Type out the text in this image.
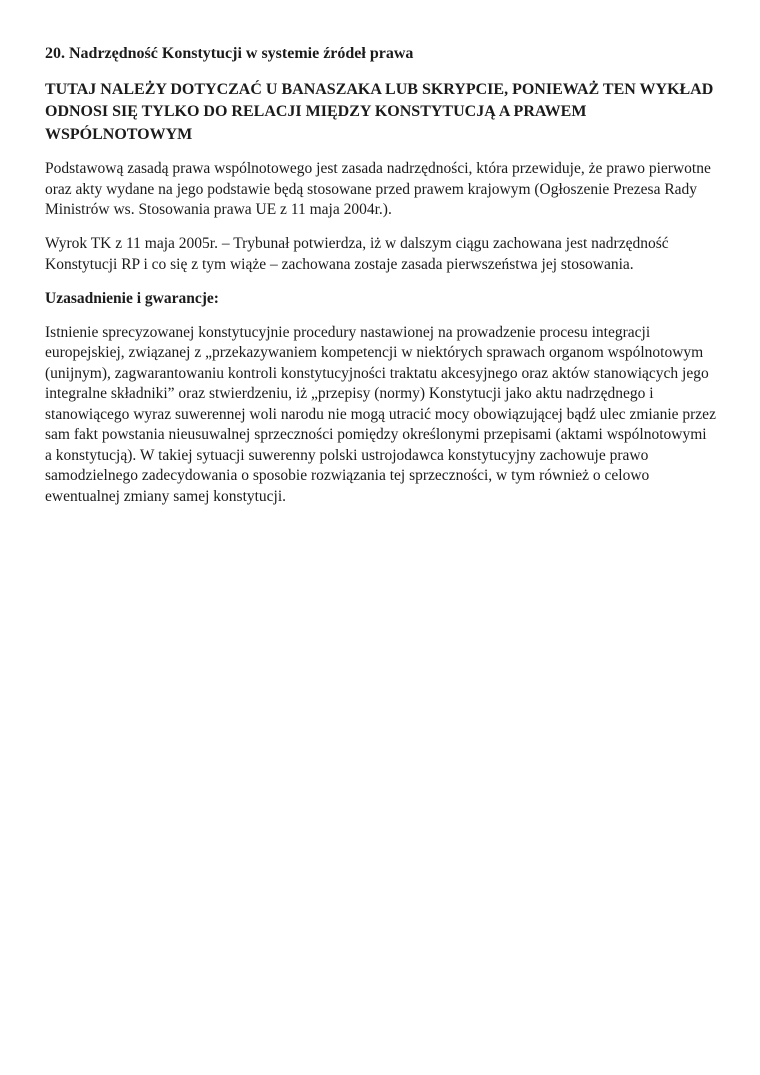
20. Nadrzędność Konstytucji w systemie źródeł prawa

TUTAJ NALEŻY DOTYCZAĆ U BANASZAKA LUB SKRYPCIE, PONIEWAŻ TEN WYKŁAD ODNOSI SIĘ TYLKO DO RELACJI MIĘDZY KONSTYTUCJĄ A PRAWEM WSPÓLNOTOWYM

Podstawową zasadą prawa wspólnotowego jest zasada nadrzędności, która przewiduje, że prawo pierwotne oraz akty wydane na jego podstawie będą stosowane przed prawem krajowym (Ogłoszenie Prezesa Rady Ministrów ws. Stosowania prawa UE z 11 maja 2004r.).

Wyrok TK z 11 maja 2005r. – Trybunał potwierdza, iż w dalszym ciągu zachowana jest nadrzędność Konstytucji RP i co się z tym wiąże – zachowana zostaje zasada pierwszeństwa jej stosowania.

Uzasadnienie i gwarancje:

Istnienie sprecyzowanej konstytucyjnie procedury nastawionej na prowadzenie procesu integracji europejskiej, związanej z „przekazywaniem kompetencji w niektórych sprawach organom wspólnotowym (unijnym), zagwarantowaniu kontroli konstytucyjności traktatu akcesyjnego oraz aktów stanowiących jego integralne składniki” oraz stwierdzeniu, iż „przepisy (normy) Konstytucji jako aktu nadrzędnego i stanowiącego wyraz suwerennej woli narodu nie mogą utracić mocy obowiązującej bądź ulec zmianie przez sam fakt powstania nieusuwalnej sprzeczności pomiędzy określonymi przepisami (aktami wspólnotowymi a konstytucją). W takiej sytuacji suwerenny polski ustrojodawca konstytucyjny zachowuje prawo samodzielnego zadecydowania o sposobie rozwiązania tej sprzeczności, w tym również o celowo ewentualnej zmiany samej konstytucji.
